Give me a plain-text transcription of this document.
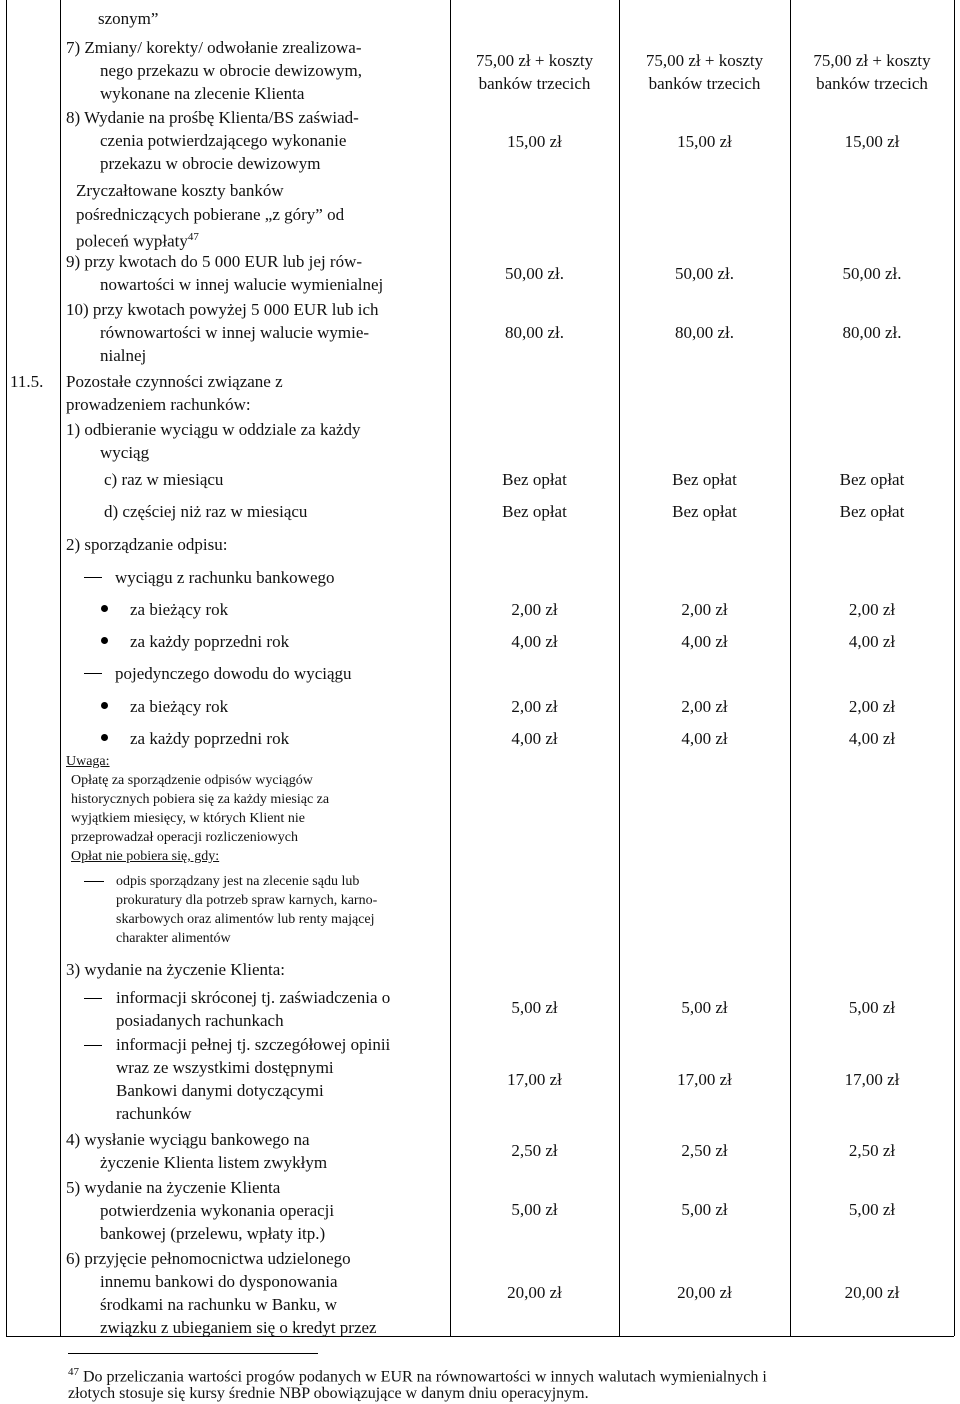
szonym”
7) Zmiany/ korekty/ odwołanie zrealizowa-
nego przekazu w obrocie dewizowym,
wykonane na zlecenie Klienta
8) Wydanie na prośbę Klienta/BS zaświad-
czenia potwierdzającego wykonanie
przekazu w obrocie dewizowym
Zryczałtowane koszty banków
pośredniczących pobierane „z góry” od
poleceń wypłaty$^{47}$
9) przy kwotach do 5 000 EUR lub jej rów-
nowartości w innej walucie wymienialnej
10) przy kwotach powyżej 5 000 EUR lub ich
równowartości w innej walucie wymie-
nialnej
11.5. Pozostałe czynności związane z
prowadzeniem rachunków:
1) odbieranie wyciągu w oddziale za każdy
wyciąg
c) raz w miesiącu
d) częściej niż raz w miesiącu
2) sporządzanie odpisu:
wyciągu z rachunku bankowego
za bieżący rok
za każdy poprzedni rok
pojedynczego dowodu do wyciągu
za bieżący rok
za każdy poprzedni rok
Uwaga:
Opłatę za sporządzenie odpisów wyciągów
historycznych pobiera się za każdy miesiąc za
wyjątkiem miesięcy, w których Klient nie
przeprowadzał operacji rozliczeniowych
Opłat nie pobiera się, gdy:
odpis sporządzany jest na zlecenie sądu lub
prokuratury dla potrzeb spraw karnych, karno-
skarbowych oraz alimentów lub renty mającej
charakter alimentów
3) wydanie na życzenie Klienta:
informacji skróconej tj. zaświadczenia o
posiadanych rachunkach
informacji pełnej tj. szczegółowej opinii
wraz ze wszystkimi dostępnymi
Bankowi danymi dotyczącymi
rachunków
4) wysłanie wyciągu bankowego na
życzenie Klienta listem zwykłym
5) wydanie na życzenie Klienta
potwierdzenia wykonania operacji
bankowej (przelewu, wpłaty itp.)
6) przyjęcie pełnomocnictwa udzielonego
innemu bankowi do dysponowania
środkami na rachunku w Banku, w
związku z ubieganiem się o kredyt przez
75,00 zł + koszty
banków trzecich
15,00 zł
50,00 zł.
80,00 zł.
Bez opłat
Bez opłat
2,00 zł
4,00 zł
2,00 zł
4,00 zł
5,00 zł
17,00 zł
2,50 zł
5,00 zł
20,00 zł
75,00 zł + koszty
banków trzecich
15,00 zł
50,00 zł.
80,00 zł.
Bez opłat
Bez opłat
2,00 zł
4,00 zł
2,00 zł
4,00 zł
5,00 zł
17,00 zł
2,50 zł
5,00 zł
20,00 zł
75,00 zł + koszty
banków trzecich
15,00 zł
50,00 zł.
80,00 zł.
Bez opłat
Bez opłat
2,00 zł
4,00 zł
2,00 zł
4,00 zł
5,00 zł
17,00 zł
2,50 zł
5,00 zł
20,00 zł
$^{47}$ Do przeliczania wartości progów podanych w EUR na równowartości w innych walutach wymienialnych i
złotych stosuje się kursy średnie NBP obowiązujące w danym dniu operacyjnym.
